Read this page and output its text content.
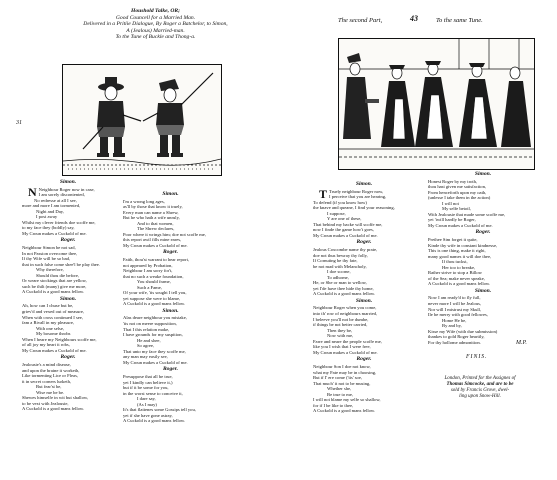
Houshold Talke, OR;
Good Councell for a Married Man.
Delivered in a Pritiie Dialogue, By Roger a Batchelor, to Simon,
A (Jealous) Married-man.
To the Tune of Buckle and Thong-a.
31
Simon.
N Neighbour Roger now in case,
I am sorely discontented,
No redresse at all I see,
more and more I am tormented,
Night and Day,
I post away
Whilst my clever friends doe scoffe me,
to my face they (boldly) say,
My Croun makes a Cuckold of me.
Roger.
Neighbour Simon be not sad,
In not Passion overcome thee,
If thy Wife will be so bad,
that in such false come shee'l be play thee.
Why therefore,
Should thou die before,
Or weare stockings that are yellow,
such be thilt (many) give me more,
A Cuckold is a good mans fellow.
Simon.
Ah, how can I chuse but be,
griev'd and vexed out of measure,
When with cross continued I see,
fam a Rivall in my pleasure,
With one selse,
My bosome throbs
When I heare my Neighbours scoffe me,
of all joy my heart it robs,
My Croun makes a Cuckold of me.
Roger.
Jealousie's a mind disease,
and upon the braine it worketh,
Like tormenting Lice or Fleas,
it in secret corners lurketh,
But fear'st be,
Wise me be be.
Shewes himselfe in wit but shallow,
to be vext with Jealousie,
A Cuckold is a good mans fellow.
Simon.
I'm a wrong long ages,
as'll by those that know it truely,
Every man can name a Shrew,
But he who hath a wife unruly,
And to that women,
The Shrew declares,
Poor where it wrings him; doe not scoffe me,
this report awil fills mine eares,
My Croun makes a Cuckold of me.
Roger.
Faith, thou'st warrant to hear report,
not appeared by Probation,
Neighbour I am sorry for't,
that no such a weake foundation,
You should frame,
Such a Fame,
Of your wife, 'tis sought I tell you,
yet suppose she were to blame,
A Cuckold is a good mans fellow.
Simon.
Alas deare neighbour you mistake,
'tis not on meere supposition,
That I this relation make,
I have grounds for my suspition,
He and shee,
So agree,
That unto my face they scoffe me,
any man may easily see,
My Croun makes a Cuckold of me.
Roger.
Presuppose that all be true,
yet I kindly can believe it,)
but if it be some for you,
in the worst sense to conceive it,
I dare say,
(As I may)
It's that flattenes some Gossips tell you,
yet if she have gone astray,
A Cuckold is a good mans fellow.
The second Part,	43	To the same Tune.
Simon.
T Truely neighbour Roger now,
I perceive that you are hearing,
To defend (if you know how)
the knave and queane, I find your reasoning,
I suppose,
Y are one of these,
That behind my backe will scoffe me,
now I finde the game how't goes,
My Croun makes a Cuckold of me.
Roger.
Jealous Coxcombe name thy prate,
doe not thus bewray thy folly,
If Cornuting be thy fate,
be not mad with Melancholy,
I doe scorne,
To adhorne,
He, or She or man to wellow,
yet I'de have thee hide thy home,
A Cuckold is a good mans fellow.
Simon.
Neighbour Roger when you come,
into th' row of neighbours married,
I beleeve you'll not be dumbe,
if things be not better carried,
Then they be,
Now with me,
Farre and neare the people scoffe me,
like you I wish that I were free,
My Croun makes a Cuckold of me.
Roger.
Neighbour Son I doe not know,
what my Fate may be in choosing,
But if I' ere come ('tis' soe,
That much' it not to be musing,
Whether she,
Be true to me,
I will not blame my selfe so shallow,
for if I be like to thee,
A Cuckold is a good mans fellow.
Simon.
Honest Roger by my troth,
thou hast given me satisfaction,
From henceforth upon my oath,
(unlesse I take them in the action)
I will not
My selfe betoil,
With Jealousie that made some scoffe me,
yet 'twill hardly be Roger,
My Croun makes a Cuckold of me.
Roger.
Prethee Sim forget it quite,
Kinde thy wife in constant kindnesse,
This is one thing, make it right,
many good names it will doe thee,
If thou tuckst,
Her too to breake,
Rather strive to stop a Billow
of the Sea; make never speake,
A Cuckold is a good mans fellow.
Simon.
Now I am ready'd to fly full,
never more I will be Jealous,
Nor will I mistrust my Skull,
Ile be merry with good fellowes,
Home He be,
By and by,
Kisse my Wife (with due submission)
thankes to gold Roger heartily,
For thy hollome admonition.	M.P.
FINIS.
London, Printed for the Assignes of
Thomas Simcocke, and are to be
sold by Francis Grove, dwel-
ling upon Snow-Hill.
